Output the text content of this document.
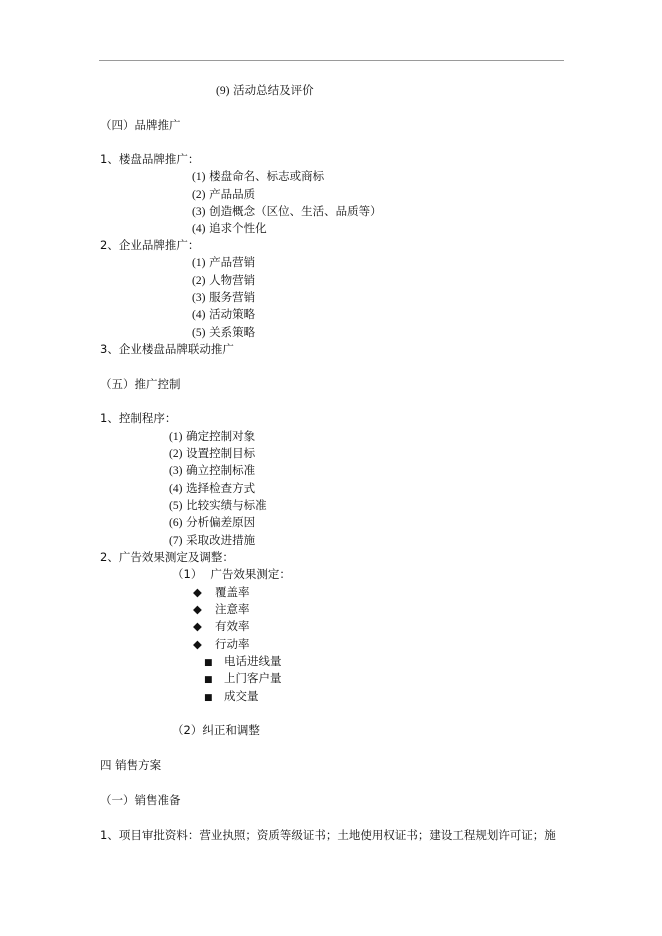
(9) 活动总结及评价
（四）品牌推广
1、楼盘品牌推广：
(1) 楼盘命名、标志或商标
(2) 产品品质
(3) 创造概念（区位、生活、品质等）
(4) 追求个性化
2、企业品牌推广：
(1) 产品营销
(2) 人物营销
(3) 服务营销
(4) 活动策略
(5) 关系策略
3、企业楼盘品牌联动推广
（五）推广控制
1、控制程序：
(1) 确定控制对象
(2) 设置控制目标
(3) 确立控制标准
(4) 选择检查方式
(5) 比较实绩与标准
(6) 分析偏差原因
(7) 采取改进措施
2、广告效果测定及调整：
（1） 广告效果测定：
◆ 覆盖率
◆ 注意率
◆ 有效率
◆ 行动率
■ 电话进线量
■ 上门客户量
■ 成交量
（2）纠正和调整
四 销售方案
（一）销售准备
1、项目审批资料：营业执照；资质等级证书；土地使用权证书；建设工程规划许可证；施
